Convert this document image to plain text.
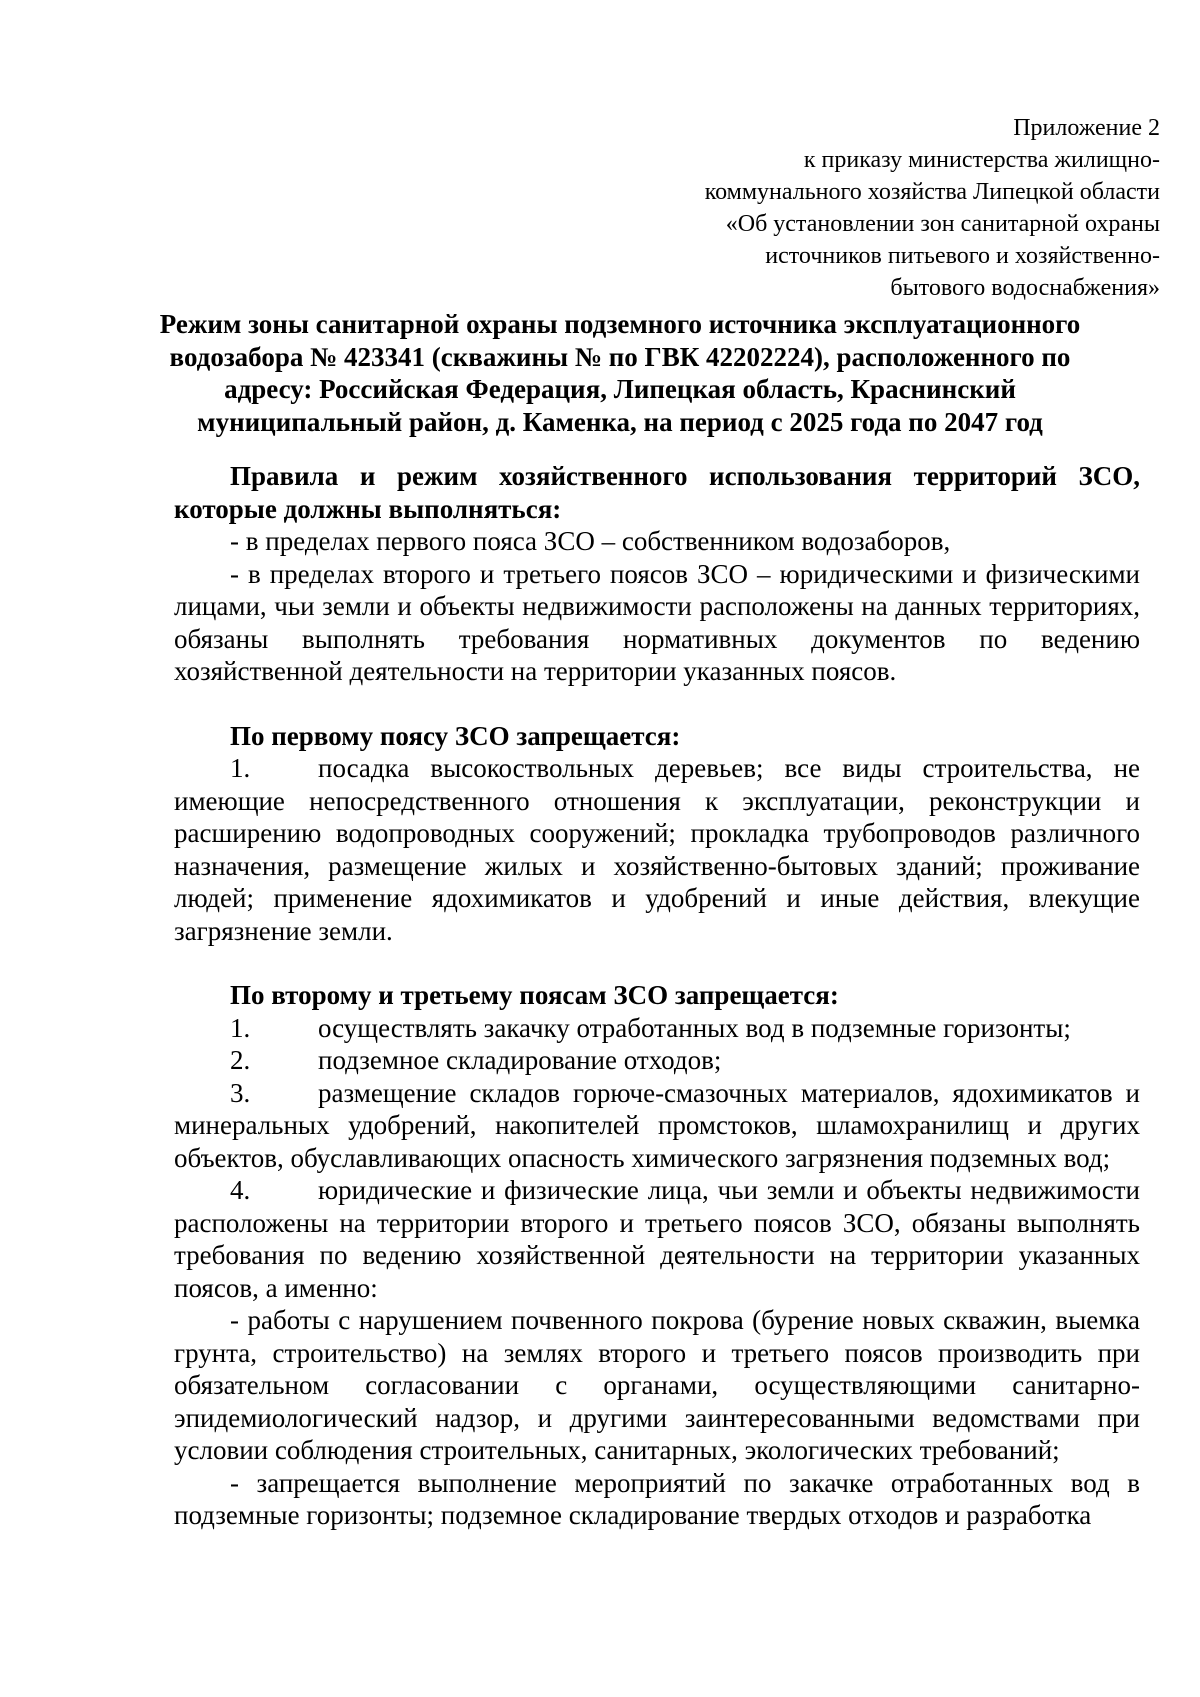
Приложение 2
к приказу министерства жилищно-
коммунального хозяйства Липецкой области
«Об установлении зон санитарной охраны
источников питьевого и хозяйственно-
бытового водоснабжения»
Режим зоны санитарной охраны подземного источника эксплуатационного водозабора № 423341 (скважины № по ГВК 42202224), расположенного по адресу: Российская Федерация, Липецкая область, Краснинский муниципальный район, д. Каменка, на период с 2025 года по 2047 год

Правила и режим хозяйственного использования территорий ЗСО, которые должны выполняться:

- в пределах первого пояса ЗСО – собственником водозаборов,

- в пределах второго и третьего поясов ЗСО – юридическими и физическими лицами, чьи земли и объекты недвижимости расположены на данных территориях, обязаны выполнять требования нормативных документов по ведению хозяйственной деятельности на территории указанных поясов.

По первому поясу ЗСО запрещается:

1.	посадка высокоствольных деревьев; все виды строительства, не имеющие непосредственного отношения к эксплуатации, реконструкции и расширению водопроводных сооружений; прокладка трубопроводов различного назначения, размещение жилых и хозяйственно-бытовых зданий; проживание людей; применение ядохимикатов и удобрений и иные действия, влекущие загрязнение земли.

По второму и третьему поясам ЗСО запрещается:

1.	осуществлять закачку отработанных вод в подземные горизонты;

2.	подземное складирование отходов;

3.	размещение складов горюче-смазочных материалов, ядохимикатов и минеральных удобрений, накопителей промстоков, шламохранилищ и других объектов, обуславливающих опасность химического загрязнения подземных вод;

4.	юридические и физические лица, чьи земли и объекты недвижимости расположены на территории второго и третьего поясов ЗСО, обязаны выполнять требования по ведению хозяйственной деятельности на территории указанных поясов, а именно:

- работы с нарушением почвенного покрова (бурение новых скважин, выемка грунта, строительство) на землях второго и третьего поясов производить при обязательном согласовании с органами, осуществляющими санитарно-эпидемиологический надзор, и другими заинтересованными ведомствами при условии соблюдения строительных, санитарных, экологических требований;

- запрещается выполнение мероприятий по закачке отработанных вод в подземные горизонты; подземное складирование твердых отходов и разработка
